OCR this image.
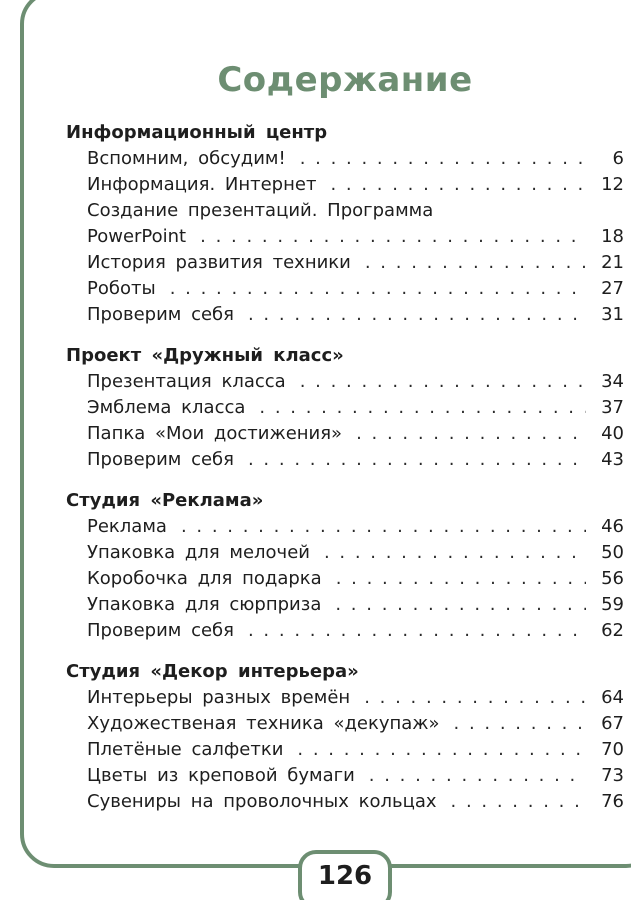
Содержание
Информационный центр
Вспомним, обсудим! . . .	6
Информация. Интернет . . .	12
Создание презентаций. Программа
PowerPoint . . .	18
История развития техники . . .	21
Роботы . . .	27
Проверим себя . . .	31
Проект «Дружный класс»
Презентация класса . . .	34
Эмблема класса . . .	37
Папка «Мои достижения» . . .	40
Проверим себя . . .	43
Студия «Реклама»
Реклама . . .	46
Упаковка для мелочей . . .	50
Коробочка для подарка . . .	56
Упаковка для сюрприза . . .	59
Проверим себя . . .	62
Студия «Декор интерьера»
Интерьеры разных времён . . .	64
Художественая техника «декупаж» . . .	67
Плетёные салфетки . . .	70
Цветы из креповой бумаги . . .	73
Сувениры на проволочных кольцах . . .	76
126
